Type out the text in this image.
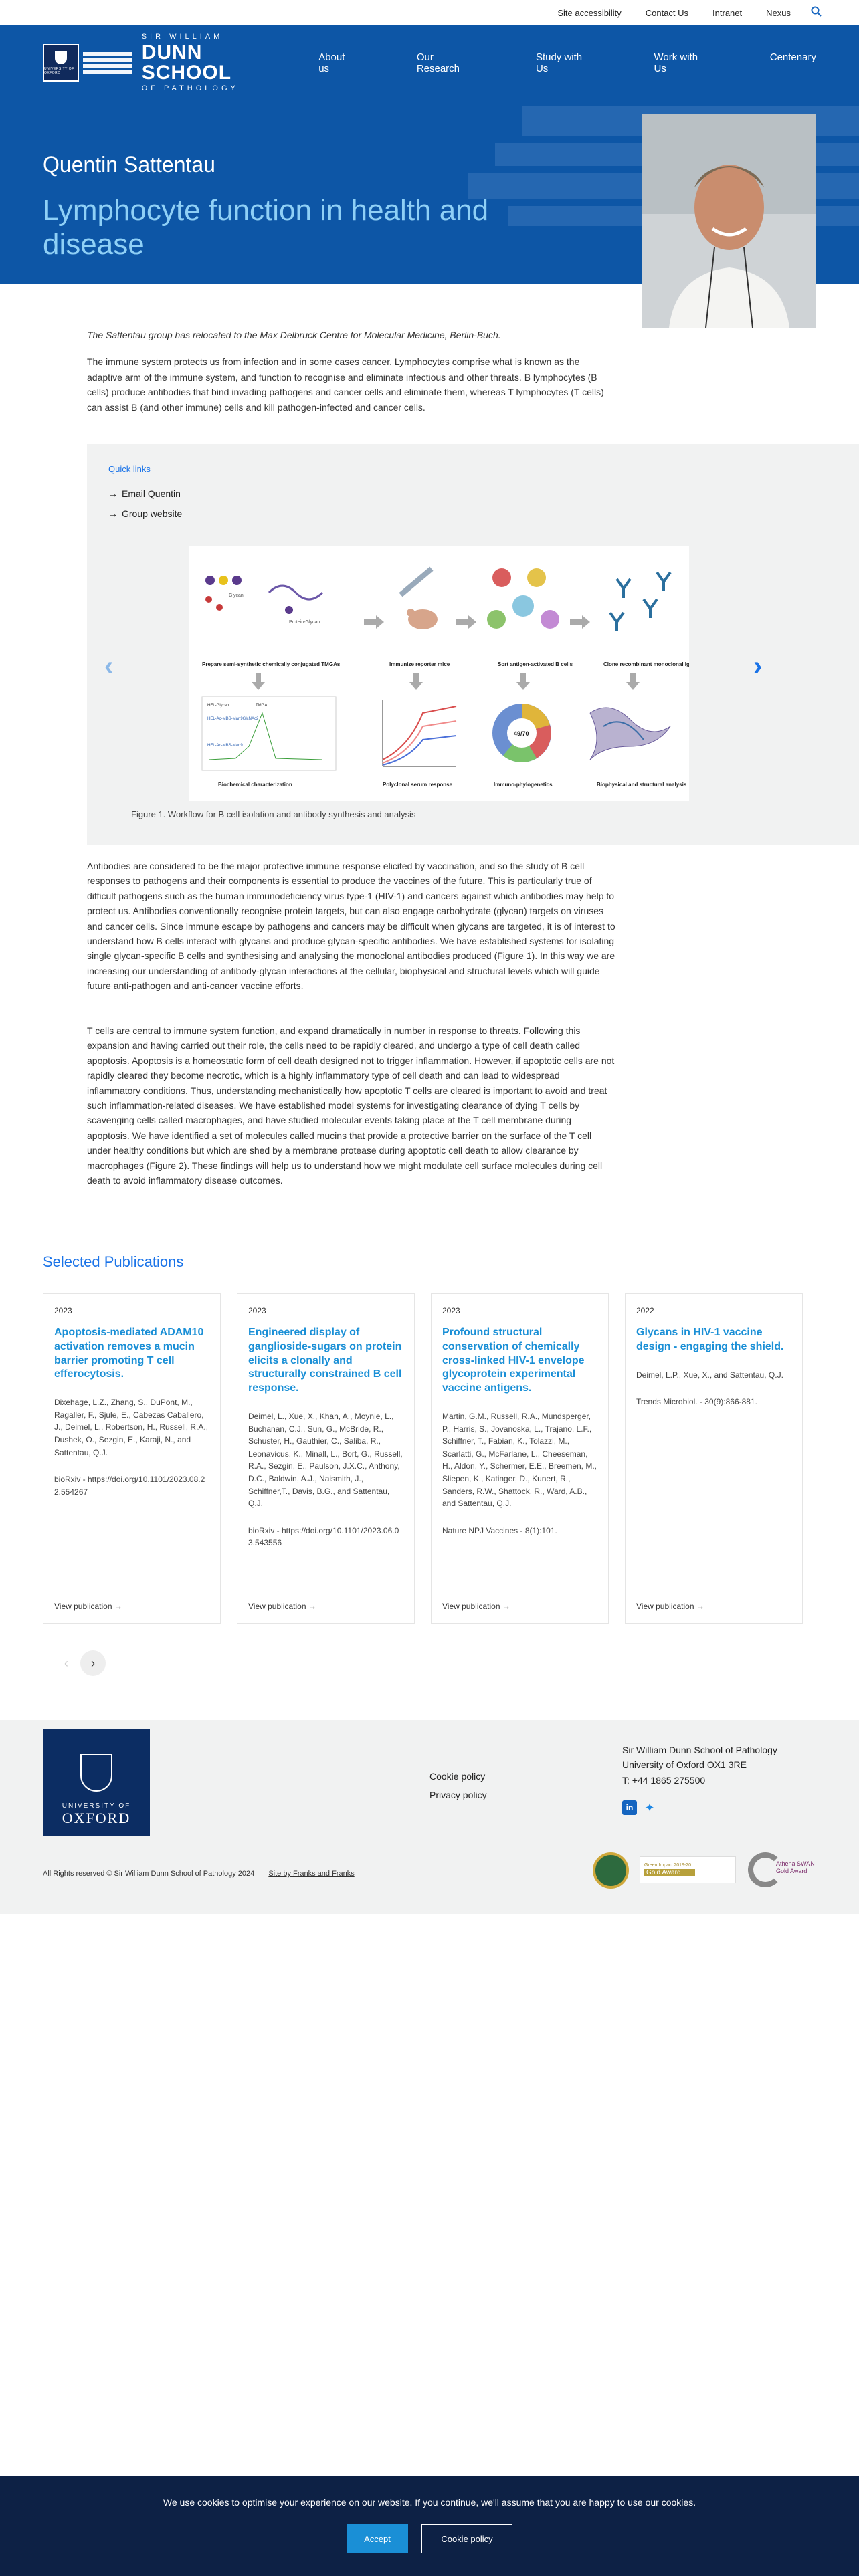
Site accessibility	Contact Us	Intranet	Nexus
UNIVERSITY OF OXFORD
SIR WILLIAM
DUNN SCHOOL
OF PATHOLOGY
About us
Our Research
Study with Us
Work with Us
Centenary
Quentin Sattentau
Lymphocyte function in health and disease

The Sattentau group has relocated to the Max Delbruck Centre for Molecular Medicine, Berlin-Buch.

The immune system protects us from infection and in some cases cancer. Lymphocytes comprise what is known as the adaptive arm of the immune system, and function to recognise and eliminate infectious and other threats. B lymphocytes (B cells) produce antibodies that bind invading pathogens and cancer cells and eliminate them, whereas T lymphocytes (T cells) can assist B (and other immune) cells and kill pathogen-infected and cancer cells.

Quick links
→ Email Quentin
→ Group website
‹	›
Glycan
Protein-Glycan
Prepare semi-synthetic chemically conjugated TMGAs	Immunize reporter mice	Sort antigen-activated B cells	Clone recombinant monoclonal IgG
HEL-Glycan	TMGA
HEL-Ac-MBS-Man9GlcNAc2
HEL-Ac-MBS-Man9
Biochemical characterization	Polyclonal serum response
49/70
Immuno-phylogenetics	Biophysical and structural analysis
Figure 1. Workflow for B cell isolation and antibody synthesis and analysis

Antibodies are considered to be the major protective immune response elicited by vaccination, and so the study of B cell responses to pathogens and their components is essential to produce the vaccines of the future. This is particularly true of difficult pathogens such as the human immunodeficiency virus type-1 (HIV-1) and cancers against which antibodies may help to protect us. Antibodies conventionally recognise protein targets, but can also engage carbohydrate (glycan) targets on viruses and cancer cells. Since immune escape by pathogens and cancers may be difficult when glycans are targeted, it is of interest to understand how B cells interact with glycans and produce glycan-specific antibodies. We have established systems for isolating single glycan-specific B cells and synthesising and analysing the monoclonal antibodies produced (Figure 1). In this way we are increasing our understanding of antibody-glycan interactions at the cellular, biophysical and structural levels which will guide future anti-pathogen and anti-cancer vaccine efforts.

T cells are central to immune system function, and expand dramatically in number in response to threats. Following this expansion and having carried out their role, the cells need to be rapidly cleared, and undergo a type of cell death called apoptosis. Apoptosis is a homeostatic form of cell death designed not to trigger inflammation. However, if apoptotic cells are not rapidly cleared they become necrotic, which is a highly inflammatory type of cell death and can lead to widespread inflammatory conditions. Thus, understanding mechanistically how apoptotic T cells are cleared is important to avoid and treat such inflammation-related diseases. We have established model systems for investigating clearance of dying T cells by scavenging cells called macrophages, and have studied molecular events taking place at the T cell membrane during apoptosis. We have identified a set of molecules called mucins that provide a protective barrier on the surface of the T cell under healthy conditions but which are shed by a membrane protease during apoptotic cell death to allow clearance by macrophages (Figure 2). These findings will help us to understand how we might modulate cell surface molecules during cell death to avoid inflammatory disease outcomes.

Selected Publications
2023
Apoptosis-mediated ADAM10 activation removes a mucin barrier promoting T cell efferocytosis.
Dixehage, L.Z., Zhang, S., DuPont, M., Ragaller, F., Sjule, E., Cabezas Caballero, J., Deimel, L., Robertson, H., Russell, R.A., Dushek, O., Sezgin, E., Karaji, N., and Sattentau, Q.J.
bioRxiv - https://doi.org/10.1101/2023.08.22.554267
View publication →
2023
Engineered display of ganglioside-sugars on protein elicits a clonally and structurally constrained B cell response.
Deimel, L., Xue, X., Khan, A., Moynie, L., Buchanan, C.J., Sun, G., McBride, R., Schuster, H., Gauthier, C., Saliba, R., Leonavicus, K., Minall, L., Bort, G., Russell, R.A., Sezgin, E., Paulson, J.X.C., Anthony, D.C., Baldwin, A.J., Naismith, J., Schiffner,T., Davis, B.G., and Sattentau, Q.J.
bioRxiv - https://doi.org/10.1101/2023.06.03.543556
View publication →
2023
Profound structural conservation of chemically cross-linked HIV-1 envelope glycoprotein experimental vaccine antigens.
Martin, G.M., Russell, R.A., Mundsperger, P., Harris, S., Jovanoska, L., Trajano, L.F., Schiffner, T., Fabian, K., Tolazzi, M., Scarlatti, G., McFarlane, L., Cheeseman, H., Aldon, Y., Schermer, E.E., Breemen, M., Sliepen, K., Katinger, D., Kunert, R., Sanders, R.W., Shattock, R., Ward, A.B., and Sattentau, Q.J.
Nature NPJ Vaccines - 8(1):101.
View publication →
2022
Glycans in HIV-1 vaccine design - engaging the shield.
Deimel, L.P., Xue, X., and Sattentau, Q.J.
Trends Microbiol. - 30(9):866-881.
View publication →
‹ ›
UNIVERSITY OF
OXFORD
Cookie policy
Privacy policy
Sir William Dunn School of Pathology
University of Oxford OX1 3RE
T: +44 1865 275500
in ✦
All Rights reserved © Sir William Dunn School of Pathology 2024 Site by Franks and Franks
Green Impact 2019-20
Gold Award
Athena SWAN Gold Award

We use cookies to optimise your experience on our website. If you continue, we'll assume that you are happy to use our cookies.

Accept	Cookie policy
